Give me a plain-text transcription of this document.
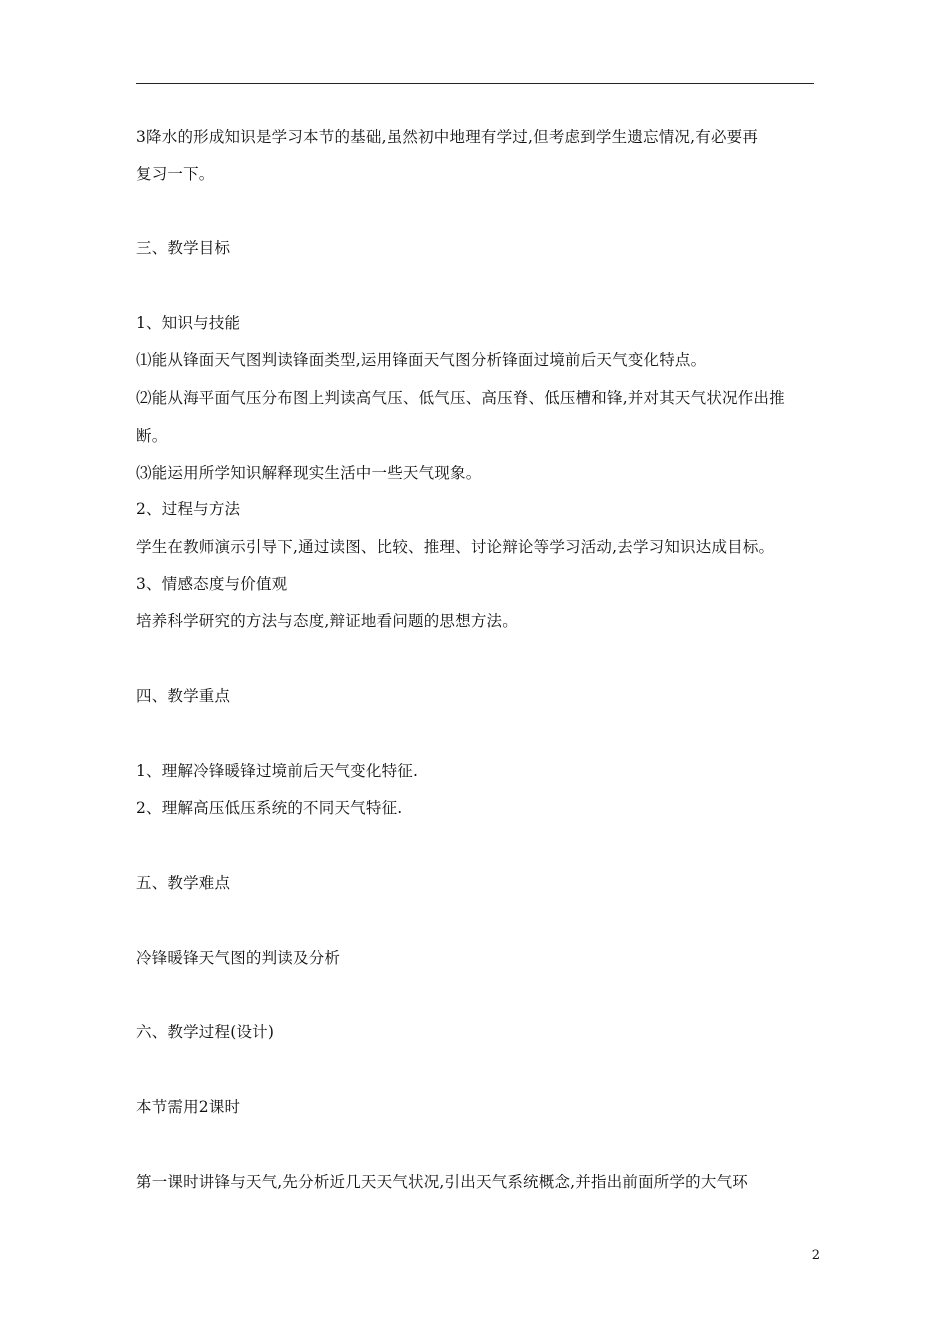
3降水的形成知识是学习本节的基础,虽然初中地理有学过,但考虑到学生遗忘情况,有必要再
复习一下。
三、教学目标
1、知识与技能
⑴能从锋面天气图判读锋面类型,运用锋面天气图分析锋面过境前后天气变化特点。
⑵能从海平面气压分布图上判读高气压、低气压、高压脊、低压槽和锋,并对其天气状况作出推
断。
⑶能运用所学知识解释现实生活中一些天气现象。
2、过程与方法
学生在教师演示引导下,通过读图、比较、推理、讨论辩论等学习活动,去学习知识达成目标。
3、情感态度与价值观
培养科学研究的方法与态度,辩证地看问题的思想方法。
四、教学重点
1、理解冷锋暖锋过境前后天气变化特征.
2、理解高压低压系统的不同天气特征.
五、教学难点
冷锋暖锋天气图的判读及分析
六、教学过程(设计)
本节需用2课时
第一课时讲锋与天气,先分析近几天天气状况,引出天气系统概念,并指出前面所学的大气环
2
